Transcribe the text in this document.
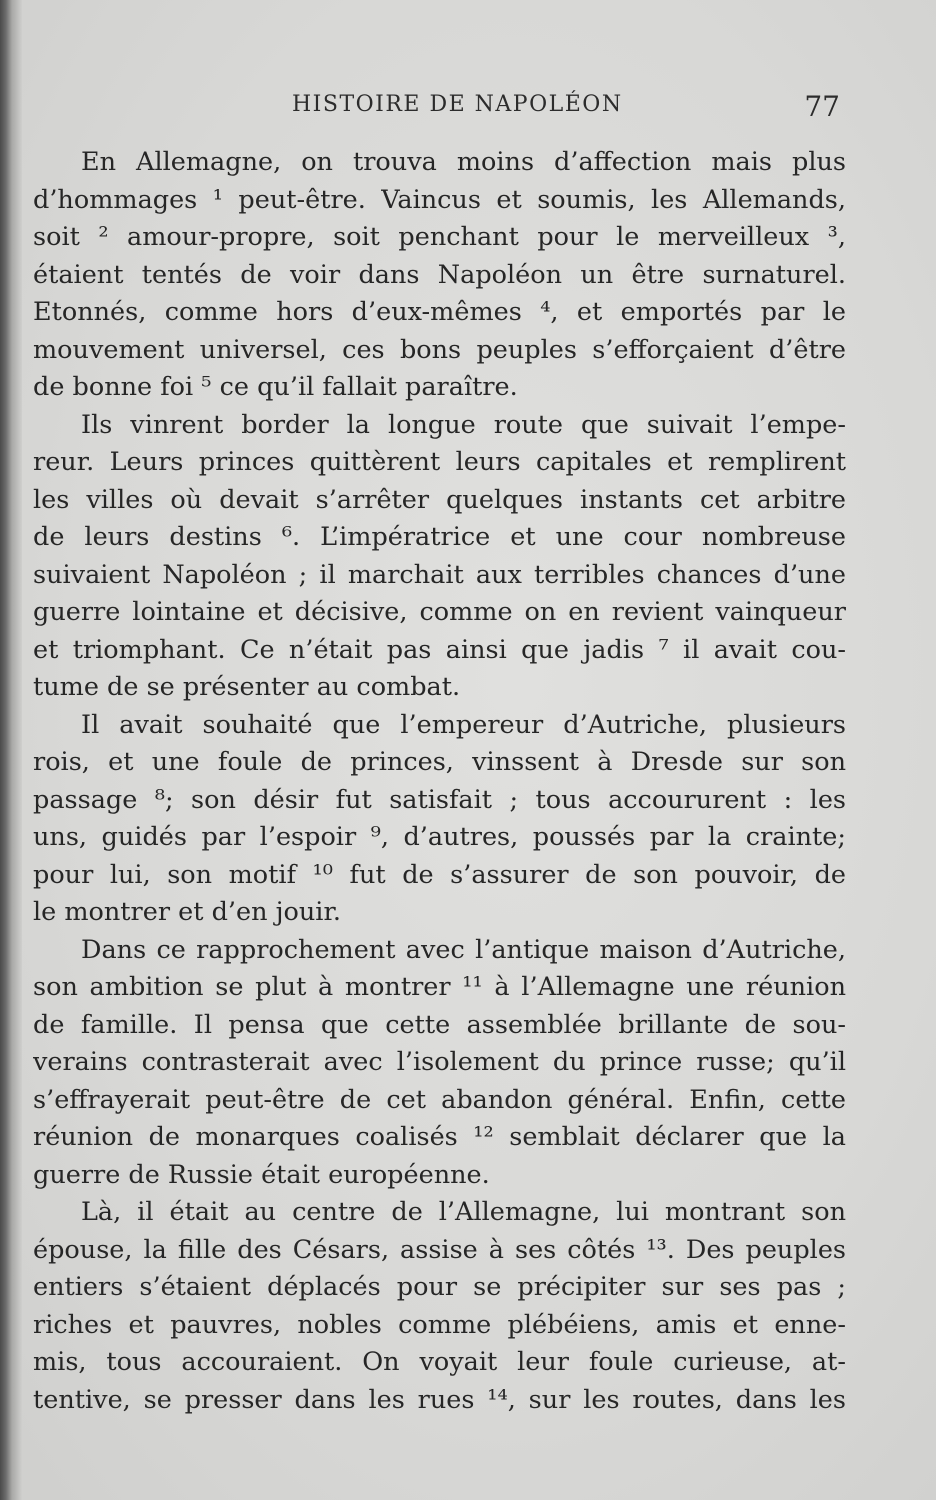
HISTOIRE DE NAPOLÉON	77
En Allemagne, on trouva moins d’affection mais plus
d’hommages ¹ peut-être. Vaincus et soumis, les Allemands,
soit ² amour-propre, soit penchant pour le merveilleux ³,
étaient tentés de voir dans Napoléon un être surnaturel.
Etonnés, comme hors d’eux-mêmes ⁴, et emportés par le
mouvement universel, ces bons peuples s’efforçaient d’être
de bonne foi ⁵ ce qu’il fallait paraître.
Ils vinrent border la longue route que suivait l’empe-
reur. Leurs princes quittèrent leurs capitales et remplirent
les villes où devait s’arrêter quelques instants cet arbitre
de leurs destins ⁶. L’impératrice et une cour nombreuse
suivaient Napoléon ; il marchait aux terribles chances d’une
guerre lointaine et décisive, comme on en revient vainqueur
et triomphant. Ce n’était pas ainsi que jadis ⁷ il avait cou-
tume de se présenter au combat.
Il avait souhaité que l’empereur d’Autriche, plusieurs
rois, et une foule de princes, vinssent à Dresde sur son
passage ⁸; son désir fut satisfait ; tous accoururent : les
uns, guidés par l’espoir ⁹, d’autres, poussés par la crainte;
pour lui, son motif ¹⁰ fut de s’assurer de son pouvoir, de
le montrer et d’en jouir.
Dans ce rapprochement avec l’antique maison d’Autriche,
son ambition se plut à montrer ¹¹ à l’Allemagne une réunion
de famille. Il pensa que cette assemblée brillante de sou-
verains contrasterait avec l’isolement du prince russe; qu’il
s’effrayerait peut-être de cet abandon général. Enfin, cette
réunion de monarques coalisés ¹² semblait déclarer que la
guerre de Russie était européenne.
Là, il était au centre de l’Allemagne, lui montrant son
épouse, la fille des Césars, assise à ses côtés ¹³. Des peuples
entiers s’étaient déplacés pour se précipiter sur ses pas ;
riches et pauvres, nobles comme plébéiens, amis et enne-
mis, tous accouraient. On voyait leur foule curieuse, at-
tentive, se presser dans les rues ¹⁴, sur les routes, dans les
